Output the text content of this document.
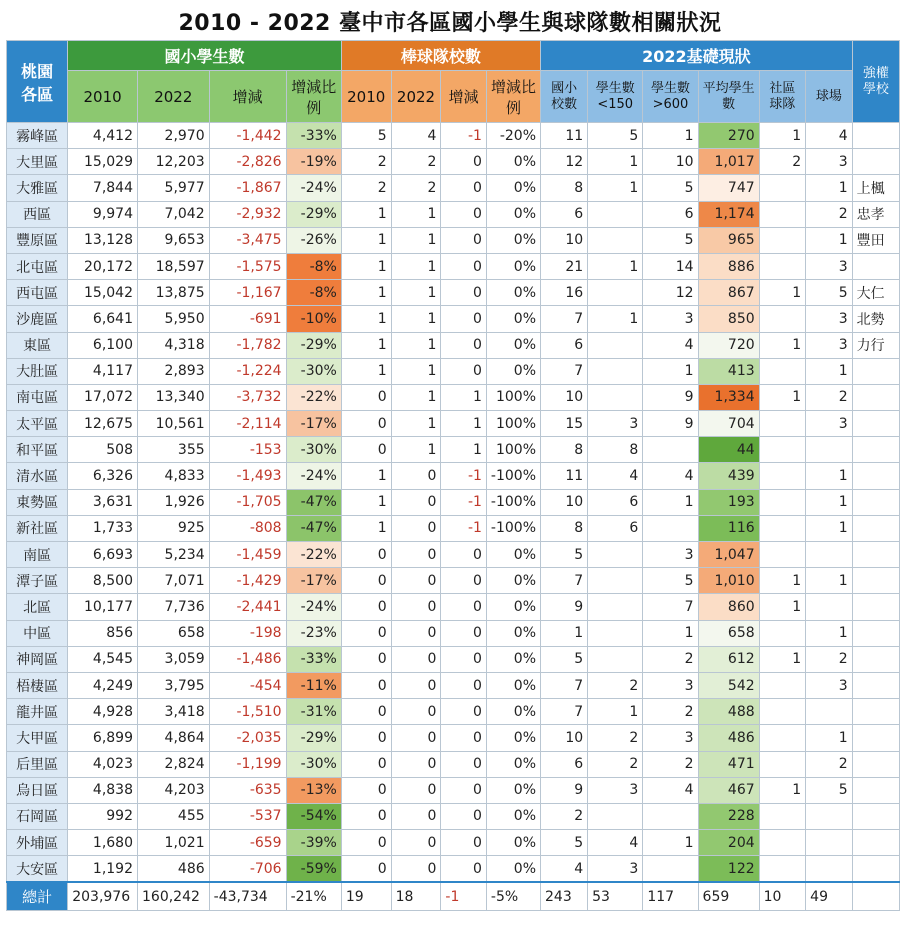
2010 - 2022 臺中市各區國小學生與球隊數相關狀況
桃園
各區	國小學生數				棒球隊校數				2022基礎現狀						強權學校
	2010	2022	增減	增減比例	2010	2022	增減	增減比例	國小校數	學生數<150	學生數>600	平均學生數	社區球隊	球場	
霧峰區	4,412	2,970	-1,442	-33%	5	4	-1	-20%	11	5	1	270	1	4	
大里區	15,029	12,203	-2,826	-19%	2	2	0	0%	12	1	10	1,017	2	3	
大雅區	7,844	5,977	-1,867	-24%	2	2	0	0%	8	1	5	747		1	上楓
西區	9,974	7,042	-2,932	-29%	1	1	0	0%	6		6	1,174		2	忠孝
豐原區	13,128	9,653	-3,475	-26%	1	1	0	0%	10		5	965		1	豐田
北屯區	20,172	18,597	-1,575	-8%	1	1	0	0%	21	1	14	886		3	
西屯區	15,042	13,875	-1,167	-8%	1	1	0	0%	16		12	867	1	5	大仁
沙鹿區	6,641	5,950	-691	-10%	1	1	0	0%	7	1	3	850		3	北勢
東區	6,100	4,318	-1,782	-29%	1	1	0	0%	6		4	720	1	3	力行
大肚區	4,117	2,893	-1,224	-30%	1	1	0	0%	7		1	413		1	
南屯區	17,072	13,340	-3,732	-22%	0	1	1	100%	10		9	1,334	1	2	
太平區	12,675	10,561	-2,114	-17%	0	1	1	100%	15	3	9	704		3	
和平區	508	355	-153	-30%	0	1	1	100%	8	8		44			
清水區	6,326	4,833	-1,493	-24%	1	0	-1	-100%	11	4	4	439		1	
東勢區	3,631	1,926	-1,705	-47%	1	0	-1	-100%	10	6	1	193		1	
新社區	1,733	925	-808	-47%	1	0	-1	-100%	8	6		116		1	
南區	6,693	5,234	-1,459	-22%	0	0	0	0%	5		3	1,047			
潭子區	8,500	7,071	-1,429	-17%	0	0	0	0%	7		5	1,010	1	1	
北區	10,177	7,736	-2,441	-24%	0	0	0	0%	9		7	860	1		
中區	856	658	-198	-23%	0	0	0	0%	1		1	658		1	
神岡區	4,545	3,059	-1,486	-33%	0	0	0	0%	5		2	612	1	2	
梧棲區	4,249	3,795	-454	-11%	0	0	0	0%	7	2	3	542		3	
龍井區	4,928	3,418	-1,510	-31%	0	0	0	0%	7	1	2	488			
大甲區	6,899	4,864	-2,035	-29%	0	0	0	0%	10	2	3	486		1	
后里區	4,023	2,824	-1,199	-30%	0	0	0	0%	6	2	2	471		2	
烏日區	4,838	4,203	-635	-13%	0	0	0	0%	9	3	4	467	1	5	
石岡區	992	455	-537	-54%	0	0	0	0%	2			228			
外埔區	1,680	1,021	-659	-39%	0	0	0	0%	5	4	1	204			
大安區	1,192	486	-706	-59%	0	0	0	0%	4	3		122			
總計	203,976	160,242	-43,734	-21%	19	18	-1	-5%	243	53	117	659	10	49	
